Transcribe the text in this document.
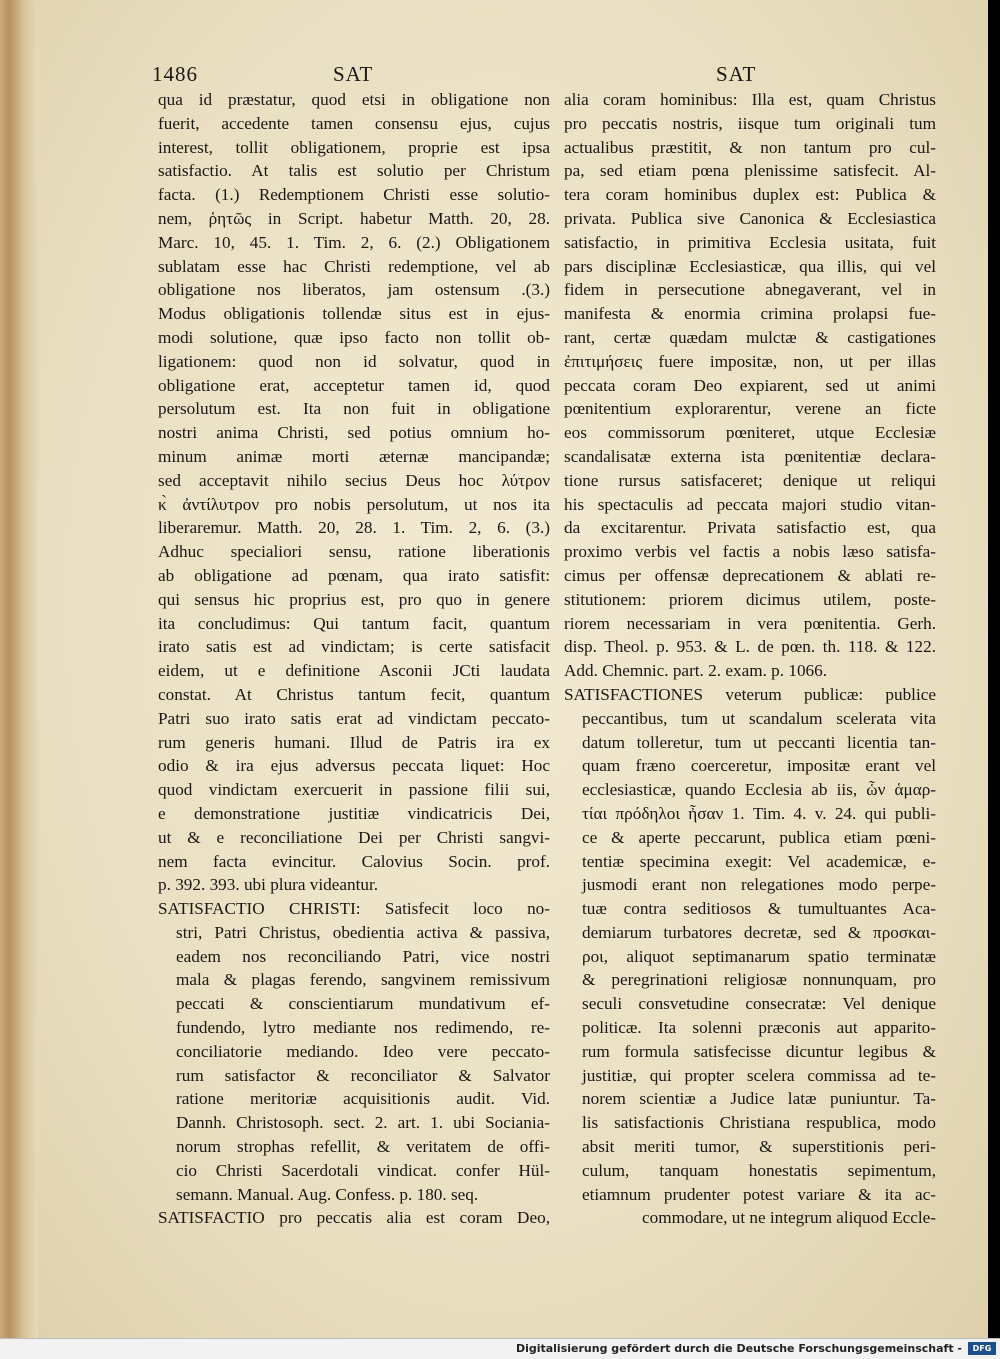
1486	SAT	SAT
qua id præstatur, quod etsi in obligatione non
fuerit, accedente tamen consensu ejus, cujus
interest, tollit obligationem, proprie est ipsa
satisfactio. At talis est solutio per Christum
facta. (1.) Redemptionem Christi esse solutio-
nem, ῥητῶς in Script. habetur Matth. 20, 28.
Marc. 10, 45. 1. Tim. 2, 6. (2.) Obligationem
sublatam esse hac Christi redemptione, vel ab
obligatione nos liberatos, jam ostensum .(3.)
Modus obligationis tollendæ situs est in ejus-
modi solutione, quæ ipso facto non tollit ob-
ligationem: quod non id solvatur, quod in
obligatione erat, acceptetur tamen id, quod
persolutum est. Ita non fuit in obligatione
nostri anima Christi, sed potius omnium ho-
minum animæ morti æternæ mancipandæ;
sed acceptavit nihilo secius Deus hoc λύτρον
κ̀ ἀντίλυτρον pro nobis persolutum, ut nos ita
liberaremur. Matth. 20, 28. 1. Tim. 2, 6. (3.)
Adhuc specialiori sensu, ratione liberationis
ab obligatione ad pœnam, qua irato satisfit:
qui sensus hic proprius est, pro quo in genere
ita concludimus: Qui tantum facit, quantum
irato satis est ad vindictam; is certe satisfacit
eidem, ut e definitione Asconii JCti laudata
constat. At Christus tantum fecit, quantum
Patri suo irato satis erat ad vindictam peccato-
rum generis humani. Illud de Patris ira ex
odio & ira ejus adversus peccata liquet: Hoc
quod vindictam exercuerit in passione filii sui,
e demonstratione justitiæ vindicatricis Dei,
ut & e reconciliatione Dei per Christi sangvi-
nem facta evincitur. Calovius Socin. prof.
p. 392. 393. ubi plura videantur.
SATISFACTIO CHRISTI: Satisfecit loco no-
stri, Patri Christus, obedientia activa & passiva,
eadem nos reconciliando Patri, vice nostri
mala & plagas ferendo, sangvinem remissivum
peccati & conscientiarum mundativum ef-
fundendo, lytro mediante nos redimendo, re-
conciliatorie mediando. Ideo vere peccato-
rum satisfactor & reconciliator & Salvator
ratione meritoriæ acquisitionis audit. Vid.
Dannh. Christosoph. sect. 2. art. 1. ubi Sociania-
norum strophas refellit, & veritatem de offi-
cio Christi Sacerdotali vindicat. confer Hül-
semann. Manual. Aug. Confess. p. 180. seq.
SATISFACTIO pro peccatis alia est coram Deo,
alia coram hominibus: Illa est, quam Christus
pro peccatis nostris, iisque tum originali tum
actualibus præstitit, & non tantum pro cul-
pa, sed etiam pœna plenissime satisfecit. Al-
tera coram hominibus duplex est: Publica &
privata. Publica sive Canonica & Ecclesiastica
satisfactio, in primitiva Ecclesia usitata, fuit
pars disciplinæ Ecclesiasticæ, qua illis, qui vel
fidem in persecutione abnegaverant, vel in
manifesta & enormia crimina prolapsi fue-
rant, certæ quædam mulctæ & castigationes
ἐπιτιμήσεις fuere impositæ, non, ut per illas
peccata coram Deo expiarent, sed ut animi
pœnitentium explorarentur, verene an ficte
eos commissorum pœniteret, utque Ecclesiæ
scandalisatæ externa ista pœnitentiæ declara-
tione rursus satisfaceret; denique ut reliqui
his spectaculis ad peccata majori studio vitan-
da excitarentur. Privata satisfactio est, qua
proximo verbis vel factis a nobis læso satisfa-
cimus per offensæ deprecationem & ablati re-
stitutionem: priorem dicimus utilem, poste-
riorem necessariam in vera pœnitentia. Gerh.
disp. Theol. p. 953. & L. de pœn. th. 118. & 122.
Add. Chemnic. part. 2. exam. p. 1066.
SATISFACTIONES veterum publicæ: publice
peccantibus, tum ut scandalum scelerata vita
datum tolleretur, tum ut peccanti licentia tan-
quam fræno coerceretur, impositæ erant vel
ecclesiasticæ, quando Ecclesia ab iis, ὧν ἁμαρ-
τίαι πρόδηλοι ἦσαν 1. Tim. 4. v. 24. qui publi-
ce & aperte peccarunt, publica etiam pœni-
tentiæ specimina exegit: Vel academicæ, e-
jusmodi erant non relegationes modo perpe-
tuæ contra seditiosos & tumultuantes Aca-
demiarum turbatores decretæ, sed & προσκαι-
ροι, aliquot septimanarum spatio terminatæ
& peregrinationi religiosæ nonnunquam, pro
seculi consvetudine consecratæ: Vel denique
politicæ. Ita solenni præconis aut apparito-
rum formula satisfecisse dicuntur legibus &
justitiæ, qui propter scelera commissa ad te-
norem scientiæ a Judice latæ puniuntur. Ta-
lis satisfactionis Christiana respublica, modo
absit meriti tumor, & superstitionis peri-
culum, tanquam honestatis sepimentum,
etiamnum prudenter potest variare & ita ac-
commodare, ut ne integrum aliquod Eccle-
Digitalisierung gefördert durch die Deutsche Forschungsgemeinschaft -	DFG
